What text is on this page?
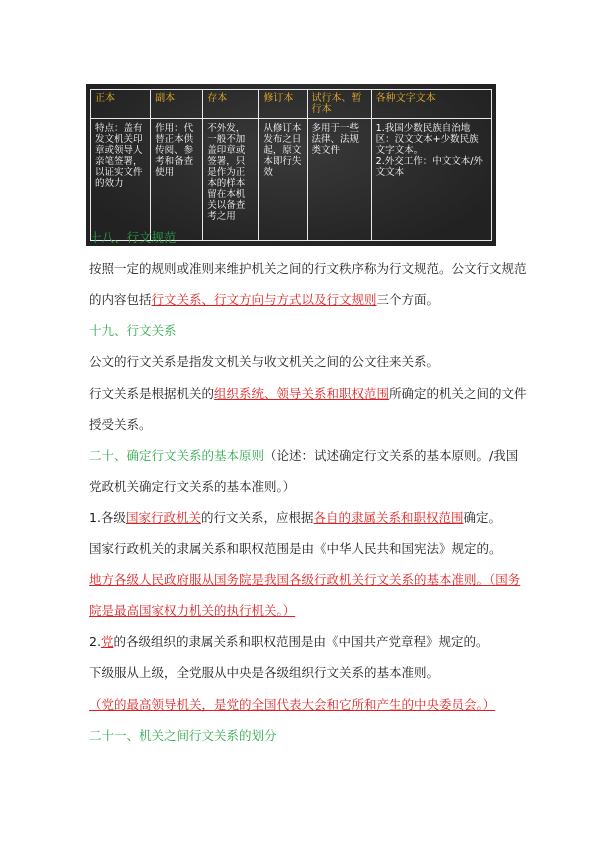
正本	副本	存本	修订本	试行本、暂行本	各种文字文本
特点：盖有发文机关印章或领导人亲笔签署，以证实文件的效力	作用：代替正本供传阅、参考和备查使用	不外发，一般不加盖印章或签署，只是作为正本的样本留在本机关以备查考之用	从修订本发布之日起，原文本即行失效	多用于一些法律、法规类文件	1.我国少数民族自治地区：汉文文本+少数民族文字文本。
2.外交工作：中文文本/外文文本
十八、行文规范
按照一定的规则或准则来维护机关之间的行文秩序称为行文规范。公文行文规范
的内容包括行文关系、行文方向与方式以及行文规则三个方面。
十九、行文关系
公文的行文关系是指发文机关与收文机关之间的公文往来关系。
行文关系是根据机关的组织系统、领导关系和职权范围所确定的机关之间的文件
授受关系。
二十、确定行文关系的基本原则（论述：试述确定行文关系的基本原则。/我国
党政机关确定行文关系的基本准则。）
1.各级国家行政机关的行文关系，应根据各自的隶属关系和职权范围确定。
国家行政机关的隶属关系和职权范围是由《中华人民共和国宪法》规定的。
地方各级人民政府服从国务院是我国各级行政机关行文关系的基本准则。（国务
院是最高国家权力机关的执行机关。）
2.党的各级组织的隶属关系和职权范围是由《中国共产党章程》规定的。
下级服从上级，全党服从中央是各级组织行文关系的基本准则。
（党的最高领导机关，是党的全国代表大会和它所和产生的中央委员会。）
二十一、机关之间行文关系的划分
